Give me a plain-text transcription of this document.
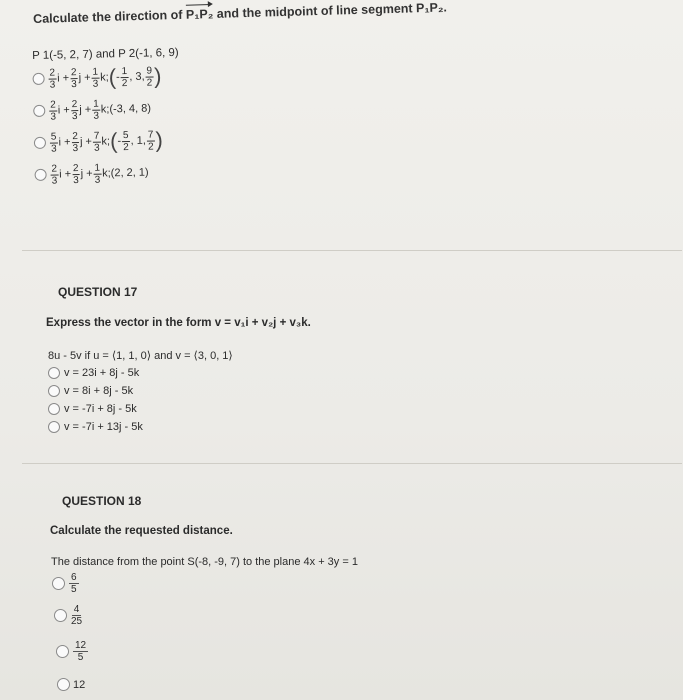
Calculate the direction of P₁P₂ and the midpoint of line segment P₁P₂.
P 1(-5, 2, 7) and P 2(-1, 6, 9)
$\frac{2}{3}$ $i + \frac{2}{3}$ $j + \frac{1}{3} k$; ( - $\frac{1}{2}$ , 3, $\frac{9}{2}$ )
$\frac{2}{3}$ $i + \frac{2}{3}$ $j + \frac{1}{3} k$; (-3, 4, 8)
$\frac{5}{3}$ $i + \frac{2}{3}$ $j + \frac{7}{3} k$; ( - $\frac{5}{2}$ , 1, $\frac{7}{2}$ )
$\frac{2}{3}$ $i + \frac{2}{3}$ $j + \frac{1}{3} k$; (2, 2, 1)
QUESTION 17
Express the vector in the form v = v₁i + v₂j + v₃k.
8u - 5v if u = ⟨1, 1, 0⟩ and v = ⟨3, 0, 1⟩
v = 23i + 8j - 5k
v = 8i + 8j - 5k
v = -7i + 8j - 5k
v = -7i + 13j - 5k
QUESTION 18
Calculate the requested distance.
The distance from the point S(-8, -9, 7) to the plane 4x + 3y = 1
$\frac{6}{5}$
$\frac{4}{25}$
$\frac{12}{5}$
12
